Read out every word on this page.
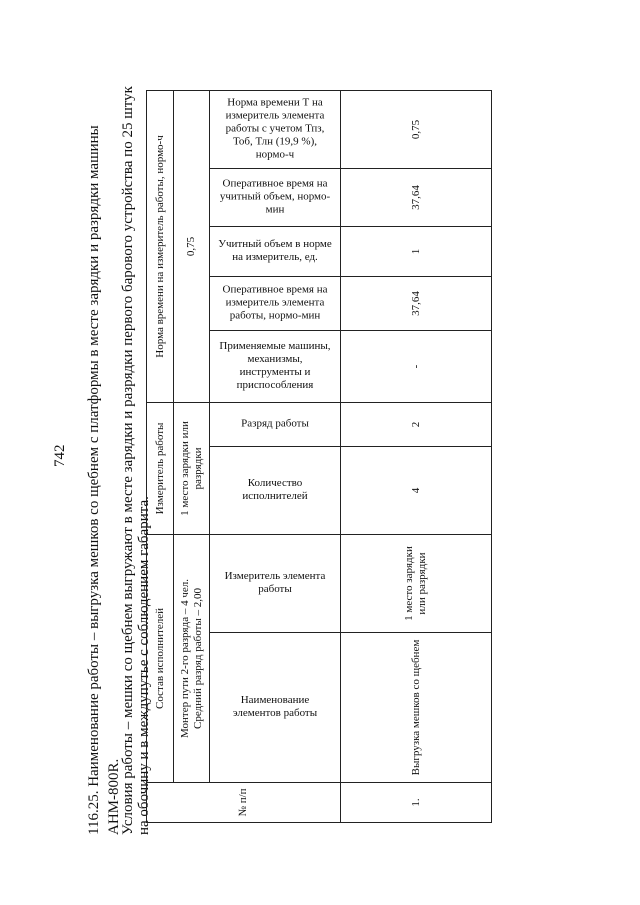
742 116.25. Наименование работы – выгрузка мешков со щебнем с платформы в месте зарядки и разрядки машины АНМ-800R.
Условия работы – мешки со щебнем выгружают в месте зарядки и разрядки первого барового устройства по 25 штук на обочину и в междупутье с соблюдением габарита.	№ п/п	Состав исполнителей		Измеритель работы		Норма времени на измеритель работы, нормо-ч				

	Монтер пути 2-го разряда – 4 чел. Средний разряд работы – 2,00		1 место зарядки или разрядки		0,75				

	Наименование элементов работы	Измеритель элемента работы	Количество исполнителей	Разряд работы	Применяемые машины, механизмы, инструменты и приспособления	Оперативное время на измеритель элемента работы, нормо-мин	Учитный объем в норме на измеритель, ед.	Оперативное время на учитный объем, нормо-мин	Норма времени Т на измеритель элемента работы с учетом Тпз, Тоб, Тлн (19,9 %), нормо-ч

1.	Выгрузка мешков со щебнем	1 место зарядки или разрядки	4	2	-	37,64	1	37,64	0,75
